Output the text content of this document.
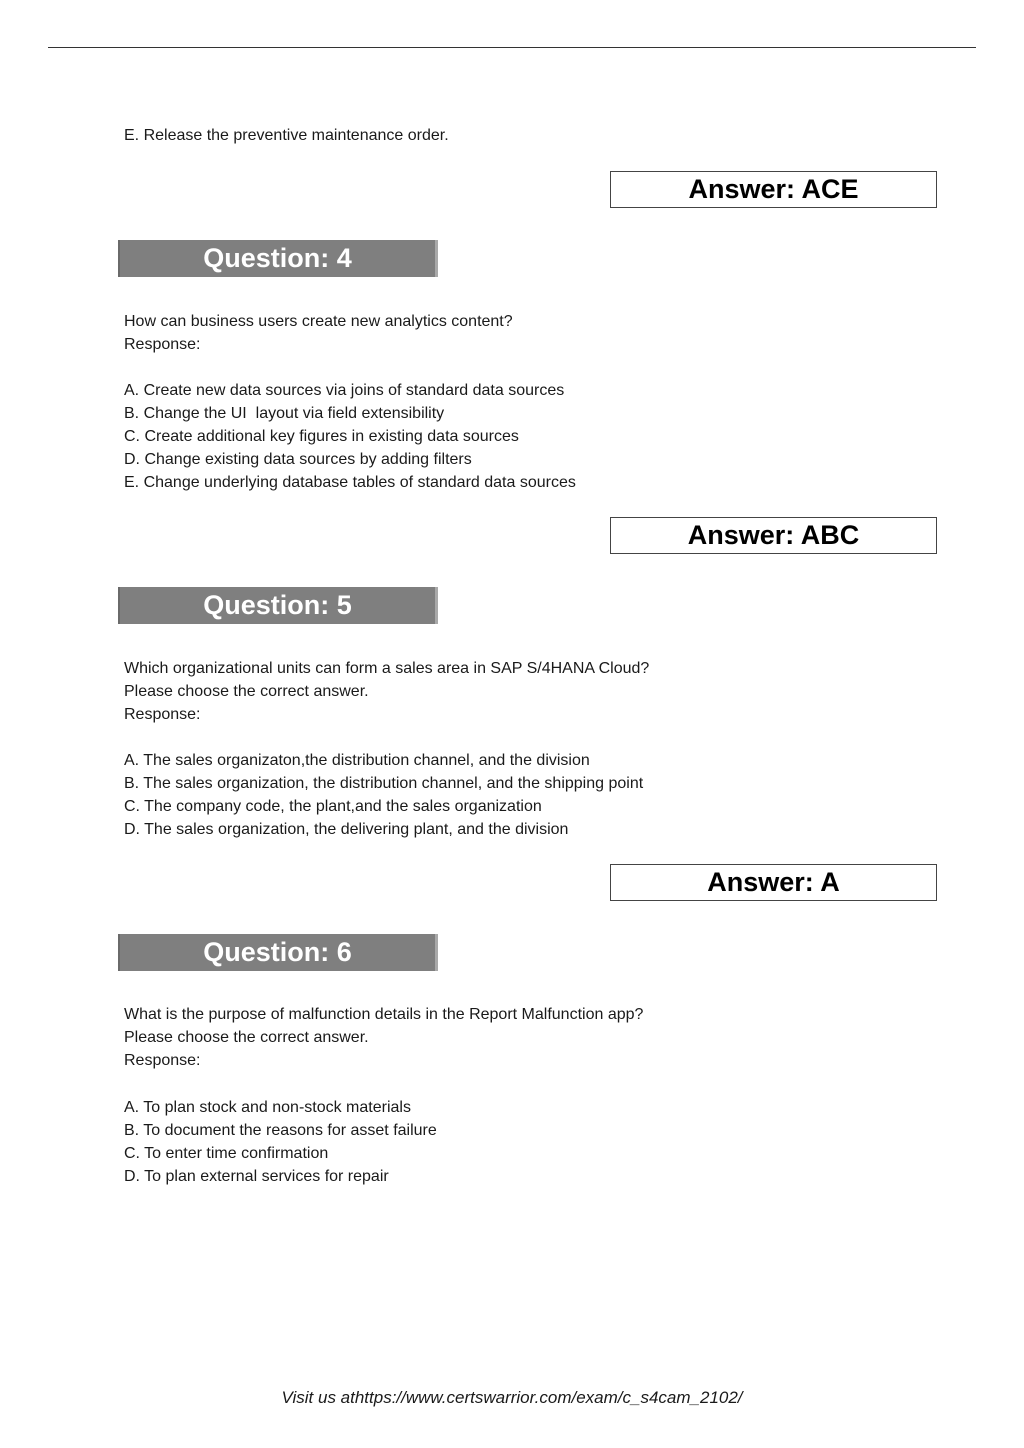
E. Release the preventive maintenance order.
Answer: ACE
Question: 4
How can business users create new analytics content?
Response:
A. Create new data sources via joins of standard data sources
B. Change the UI  layout via field extensibility
C. Create additional key figures in existing data sources
D. Change existing data sources by adding filters
E. Change underlying database tables of standard data sources
Answer: ABC
Question: 5
Which organizational units can form a sales area in SAP S/4HANA Cloud?
Please choose the correct answer.
Response:
A. The sales organizaton,the distribution channel, and the division
B. The sales organization, the distribution channel, and the shipping point
C. The company code, the plant,and the sales organization
D. The sales organization, the delivering plant, and the division
Answer: A
Question: 6
What is the purpose of malfunction details in the Report Malfunction app?
Please choose the correct answer.
Response:
A. To plan stock and non-stock materials
B. To document the reasons for asset failure
C. To enter time confirmation
D. To plan external services for repair
Visit us athttps://www.certswarrior.com/exam/c_s4cam_2102/
